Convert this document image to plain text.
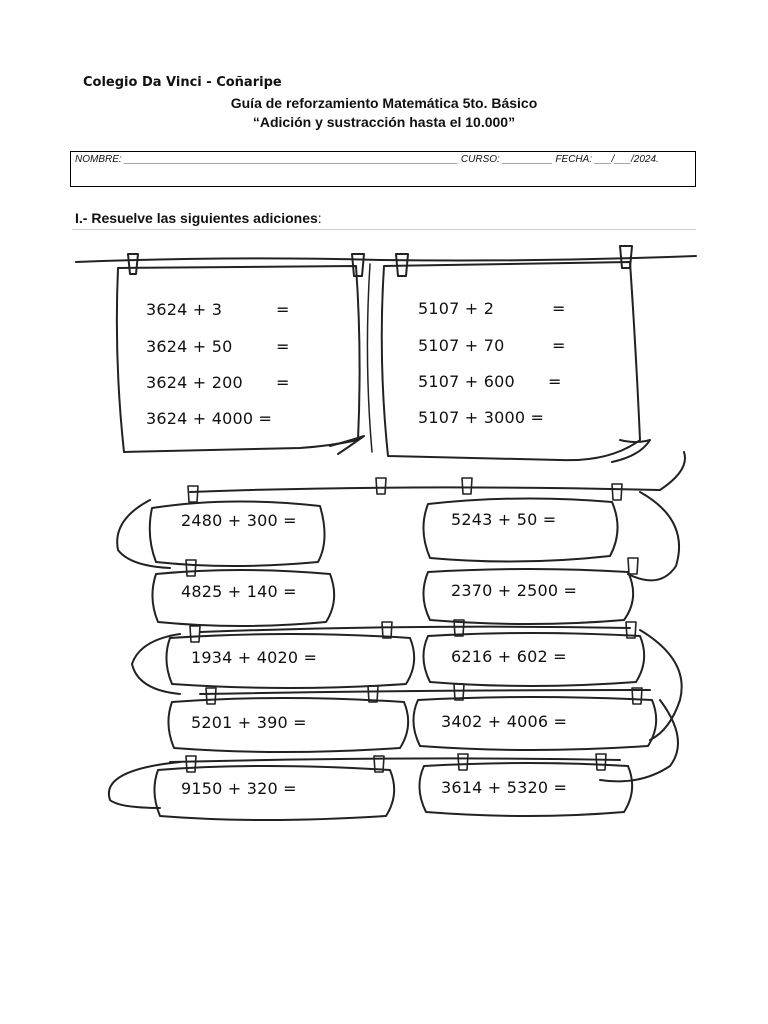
Colegio Da Vinci - Coñaripe
Guía de reforzamiento Matemática 5to. Básico
“Adición y sustracción hasta el 10.000”
NOMBRE: ____________________________________________________________ CURSO: _________ FECHA: ___/___/2024.
I.- Resuelve las siguientes adiciones:
3624 + 3	=
3624 + 50	=
3624 + 200 =
3624 + 4000 =
5107 + 2	=
5107 + 70	=
5107 + 600 =
5107 + 3000 =
2480 + 300 =	5243 + 50 =
4825 + 140 =	2370 + 2500 =
1934 + 4020 =	6216 + 602 =
5201 + 390 =	3402 + 4006 =
9150 + 320 =	3614 + 5320 =
